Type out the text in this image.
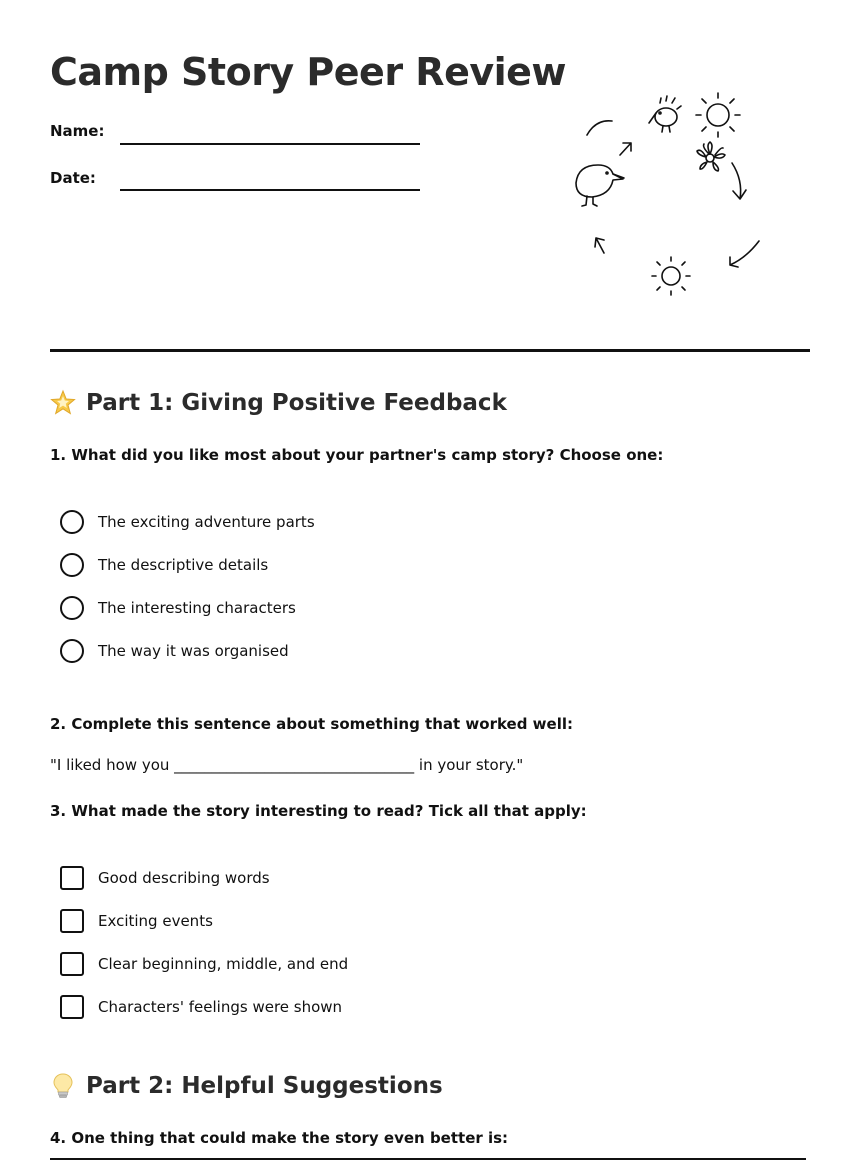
Camp Story Peer Review
Name:
Date:
Part 1: Giving Positive Feedback
1. What did you like most about your partner's camp story? Choose one:
The exciting adventure parts
The descriptive details
The interesting characters
The way it was organised
2. Complete this sentence about something that worked well:
"I liked how you ________________________________ in your story."
3. What made the story interesting to read? Tick all that apply:
Good describing words
Exciting events
Clear beginning, middle, and end
Characters' feelings were shown
Part 2: Helpful Suggestions
4. One thing that could make the story even better is:
